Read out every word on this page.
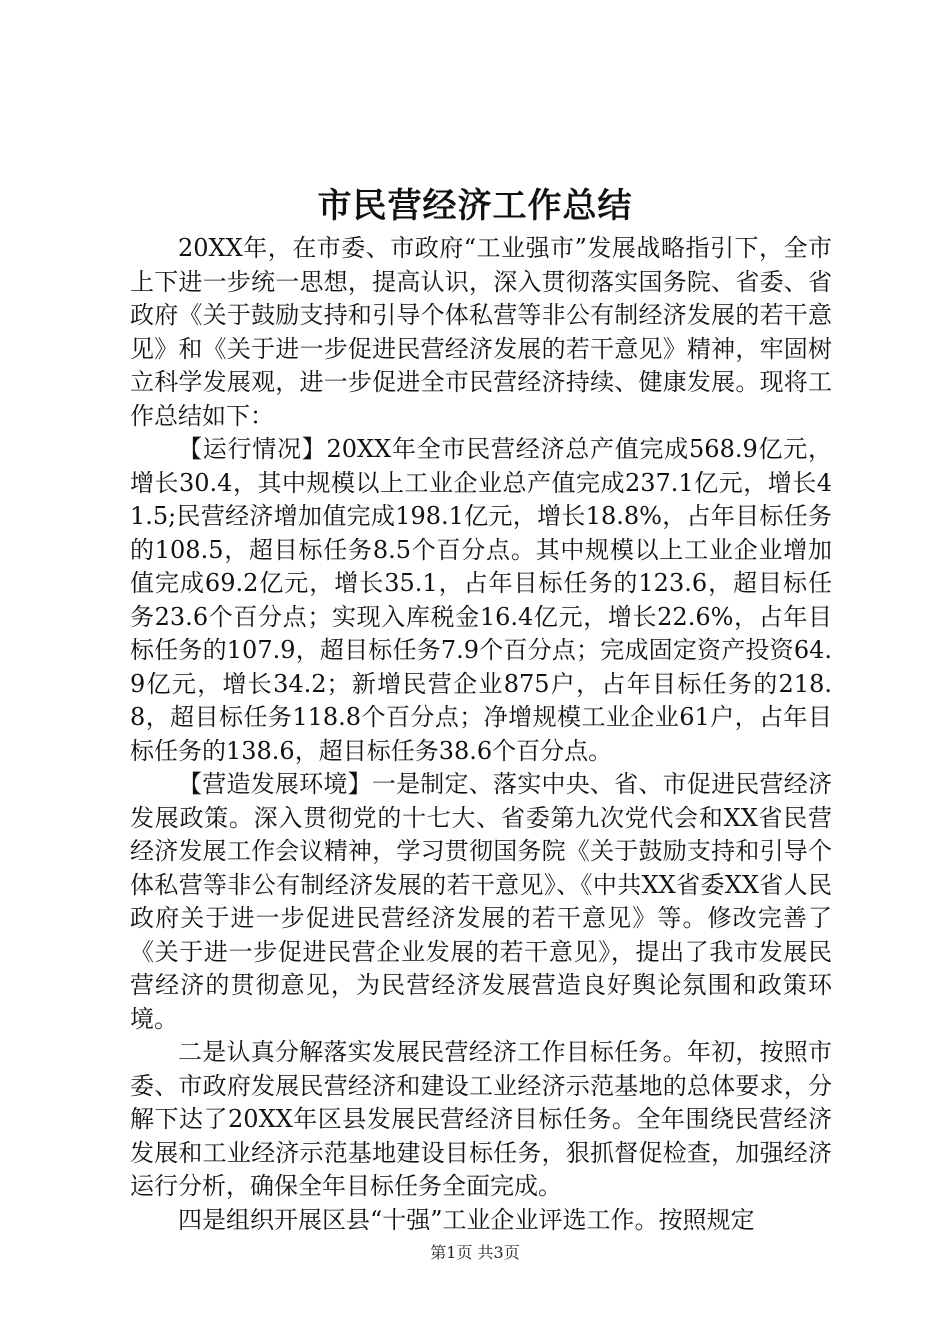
市民营经济工作总结

20XX年，在市委、市政府“工业强市”发展战略指引下，全市上下进一步统一思想，提高认识，深入贯彻落实国务院、省委、省政府《关于鼓励支持和引导个体私营等非公有制经济发展的若干意见》和《关于进一步促进民营经济发展的若干意见》精神，牢固树立科学发展观，进一步促进全市民营经济持续、健康发展。现将工作总结如下：

【运行情况】20XX年全市民营经济总产值完成568.9亿元，增长30.4，其中规模以上工业企业总产值完成237.1亿元，增长41.5;民营经济增加值完成198.1亿元，增长18.8%，占年目标任务的108.5，超目标任务8.5个百分点。其中规模以上工业企业增加值完成69.2亿元，增长35.1，占年目标任务的123.6，超目标任务23.6个百分点；实现入库税金16.4亿元，增长22.6%，占年目标任务的107.9，超目标任务7.9个百分点；完成固定资产投资64.9亿元，增长34.2；新增民营企业875户，占年目标任务的218.8，超目标任务118.8个百分点；净增规模工业企业61户，占年目标任务的138.6，超目标任务38.6个百分点。

【营造发展环境】一是制定、落实中央、省、市促进民营经济发展政策。深入贯彻党的十七大、省委第九次党代会和XX省民营经济发展工作会议精神，学习贯彻国务院《关于鼓励支持和引导个体私营等非公有制经济发展的若干意见》、《中共XX省委XX省人民政府关于进一步促进民营经济发展的若干意见》等。修改完善了《关于进一步促进民营企业发展的若干意见》，提出了我市发展民营经济的贯彻意见，为民营经济发展营造良好舆论氛围和政策环境。

二是认真分解落实发展民营经济工作目标任务。年初，按照市委、市政府发展民营经济和建设工业经济示范基地的总体要求，分解下达了20XX年区县发展民营经济目标任务。全年围绕民营经济发展和工业经济示范基地建设目标任务，狠抓督促检查，加强经济运行分析，确保全年目标任务全面完成。

四是组织开展区县“十强”工业企业评选工作。按照规定

第1页 共3页
